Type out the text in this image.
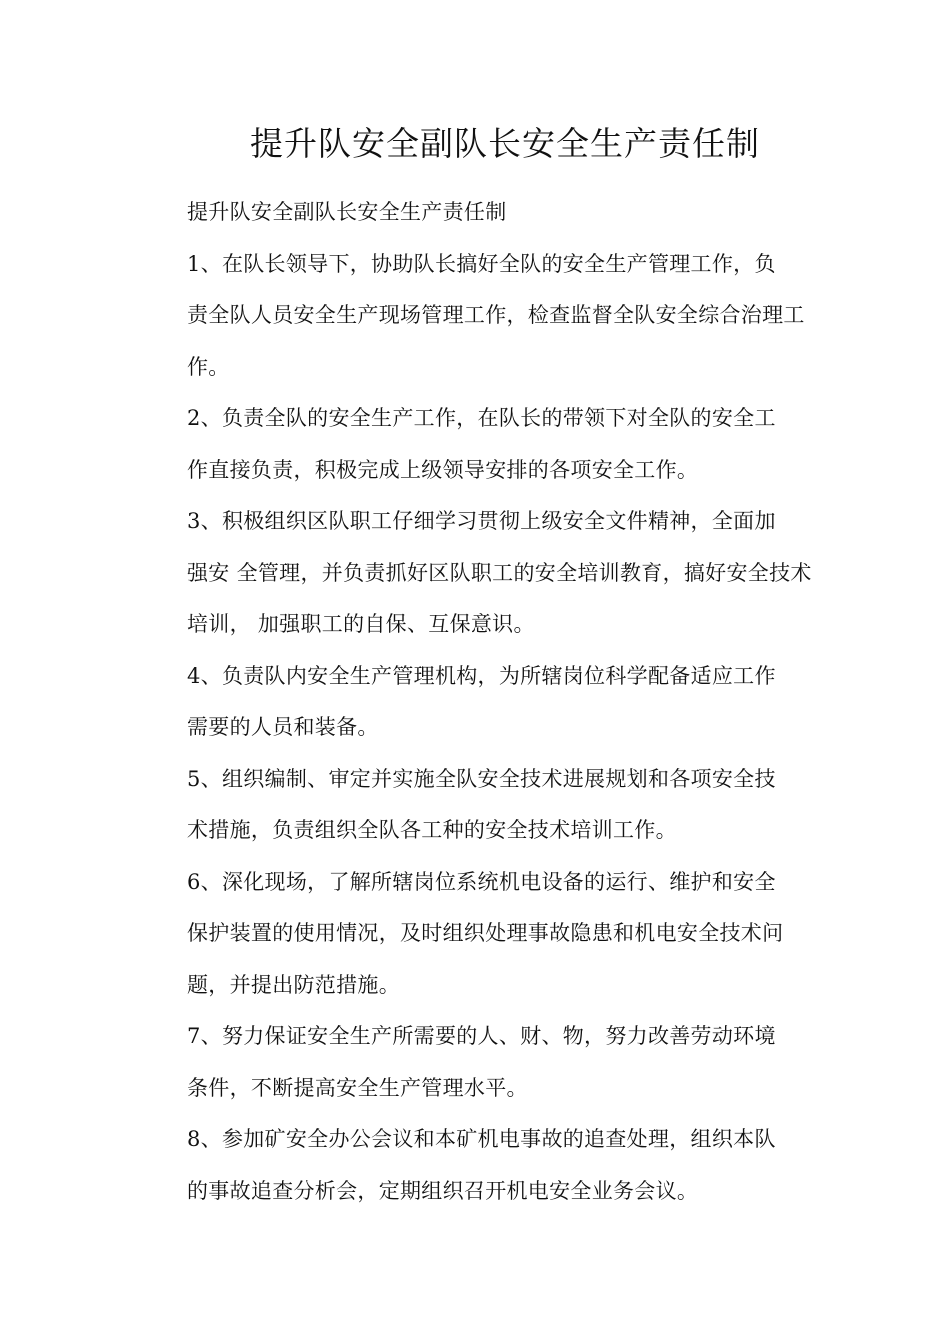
提升队安全副队长安全生产责任制

提升队安全副队长安全生产责任制

1、在队长领导下，协助队长搞好全队的安全生产管理工作，负
责全队人员安全生产现场管理工作，检查监督全队安全综合治理工
作。

2、负责全队的安全生产工作，在队长的带领下对全队的安全工
作直接负责，积极完成上级领导安排的各项安全工作。

3、积极组织区队职工仔细学习贯彻上级安全文件精神，全面加
强安 全管理，并负责抓好区队职工的安全培训教育，搞好安全技术
培训， 加强职工的自保、互保意识。

4、负责队内安全生产管理机构，为所辖岗位科学配备适应工作
需要的人员和装备。

5、组织编制、审定并实施全队安全技术进展规划和各项安全技
术措施，负责组织全队各工种的安全技术培训工作。

6、深化现场，了解所辖岗位系统机电设备的运行、维护和安全
保护装置的使用情况，及时组织处理事故隐患和机电安全技术问
题，并提出防范措施。

7、努力保证安全生产所需要的人、财、物，努力改善劳动环境
条件，不断提高安全生产管理水平。

8、参加矿安全办公会议和本矿机电事故的追查处理，组织本队
的事故追查分析会，定期组织召开机电安全业务会议。
